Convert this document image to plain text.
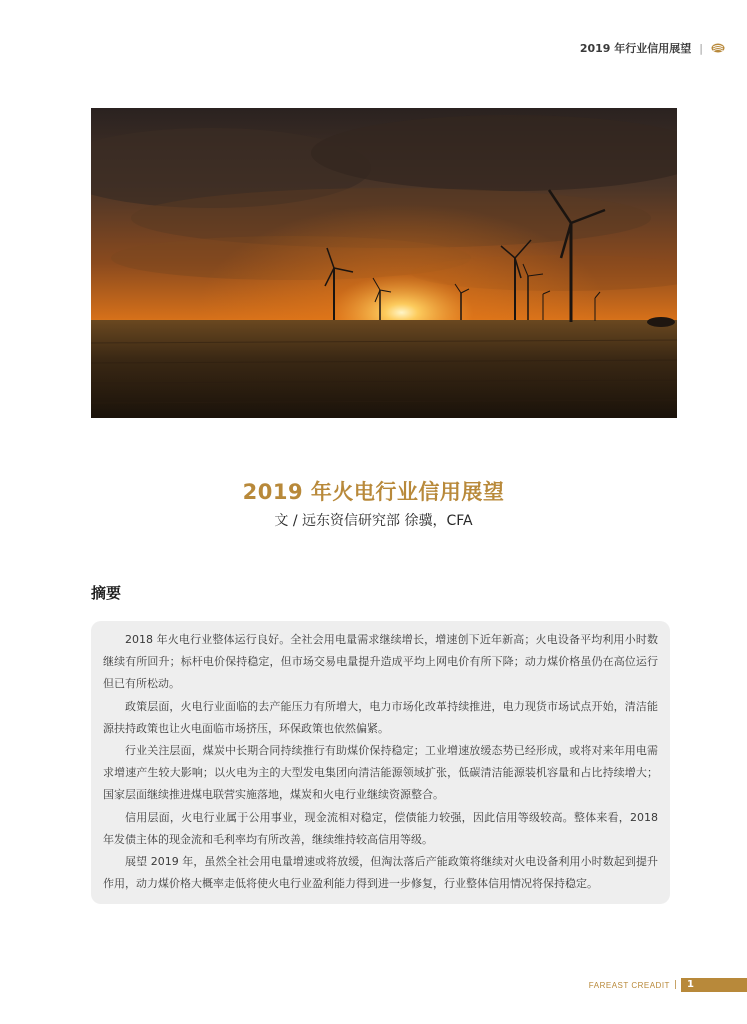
2019 年行业信用展望 |
2019 年火电行业信用展望
文 / 远东资信研究部 徐骥，CFA
摘要

2018 年火电行业整体运行良好。全社会用电量需求继续增长，增速创下近年新高；火电设备平均利用小时数继续有所回升；标杆电价保持稳定，但市场交易电量提升造成平均上网电价有所下降；动力煤价格虽仍在高位运行但已有所松动。

政策层面，火电行业面临的去产能压力有所增大，电力市场化改革持续推进，电力现货市场试点开始，清洁能源扶持政策也让火电面临市场挤压，环保政策也依然偏紧。

行业关注层面，煤炭中长期合同持续推行有助煤价保持稳定；工业增速放缓态势已经形成，或将对来年用电需求增速产生较大影响；以火电为主的大型发电集团向清洁能源领域扩张，低碳清洁能源装机容量和占比持续增大；国家层面继续推进煤电联营实施落地，煤炭和火电行业继续资源整合。

信用层面，火电行业属于公用事业，现金流相对稳定，偿债能力较强，因此信用等级较高。整体来看，2018 年发债主体的现金流和毛利率均有所改善，继续维持较高信用等级。

展望 2019 年，虽然全社会用电量增速或将放缓，但淘汰落后产能政策将继续对火电设备利用小时数起到提升作用，动力煤价格大概率走低将使火电行业盈利能力得到进一步修复，行业整体信用情况将保持稳定。

FAREAST CREADIT |	1
